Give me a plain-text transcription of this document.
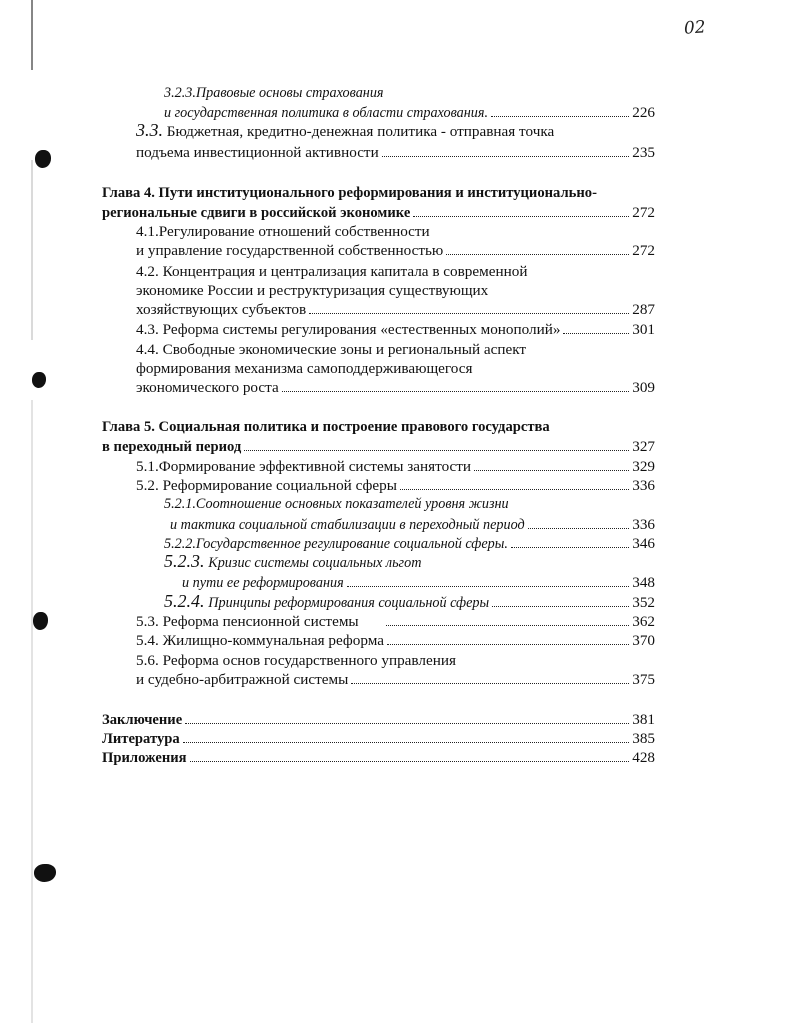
02
3.2.3.Правовые основы страхования
и государственная политика в области страхования.	226
3.3. Бюджетная, кредитно-денежная политика - отправная точка
подъема инвестиционной активности	235
Глава 4. Пути институционального реформирования и институционально-
региональные сдвиги в российской экономике	272
4.1.Регулирование отношений собственности
и управление государственной собственностью	272
4.2. Концентрация и централизация капитала в современной
экономике России и реструктуризация существующих
хозяйствующих субъектов	287
4.3. Реформа системы регулирования «естественных монополий»	301
4.4. Свободные экономические зоны и региональный аспект
формирования механизма самоподдерживающегося
экономического роста	309
Глава 5. Социальная политика и построение правового государства
в переходный период	327
5.1.Формирование эффективной системы занятости	329
5.2. Реформирование социальной сферы	336
5.2.1.Соотношение основных показателей уровня жизни
и тактика социальной стабилизации в переходный период	336
5.2.2.Государственное регулирование социальной сферы.	346
5.2.3. Кризис системы социальных льгот
и пути ее реформирования	348
5.2.4. Принципы реформирования социальной сферы	352
5.3. Реформа пенсионной системы	362
5.4. Жилищно-коммунальная реформа	370
5.6. Реформа основ государственного управления
и судебно-арбитражной системы	375
Заключение	381
Литература	385
Приложения	428
